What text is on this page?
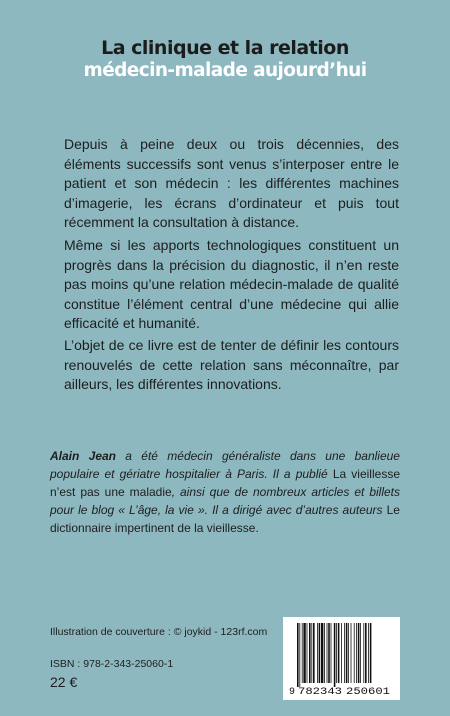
La clinique et la relation
médecin-malade aujourd’hui

Depuis à peine deux ou trois décennies, des éléments successifs sont venus s’interposer entre le patient et son médecin : les différentes machines d’imagerie, les écrans d’ordinateur et puis tout récemment la consultation à distance.

Même si les apports technologiques constituent un progrès dans la précision du diagnostic, il n’en reste pas moins qu’une relation médecin-malade de qualité constitue l’élément central d’une médecine qui allie efficacité et humanité.

L’objet de ce livre est de tenter de définir les contours renouvelés de cette relation sans méconnaître, par ailleurs, les différentes innovations.

Alain Jean a été médecin généraliste dans une banlieue populaire et gériatre hospitalier à Paris. Il a publié La vieillesse n’est pas une maladie, ainsi que de nombreux articles et billets pour le blog « L’âge, la vie ». Il a dirigé avec d’autres auteurs Le dictionnaire impertinent de la vieillesse.
Illustration de couverture : © joykid - 123rf.com
ISBN : 978-2-343-25060-1
22 €
9 782343 250601
